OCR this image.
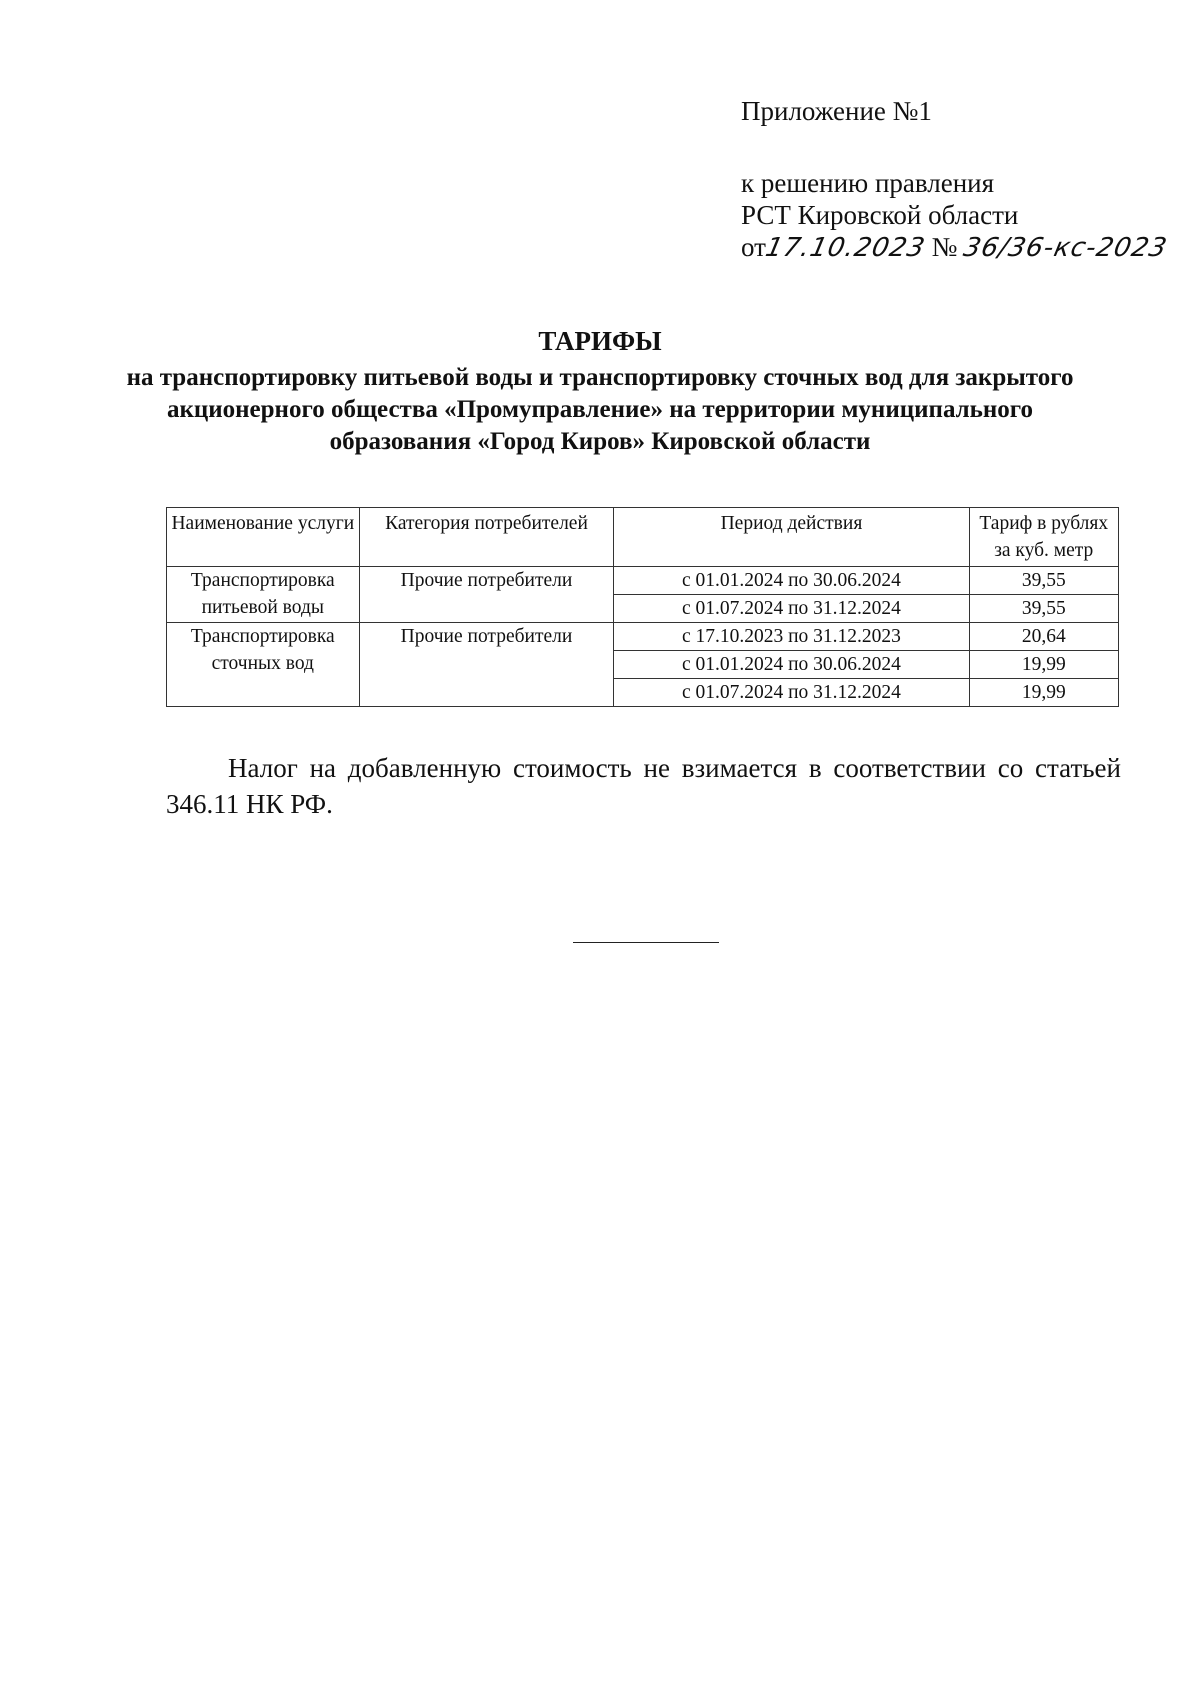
Приложение №1
к решению правления
РСТ Кировской области
от17.10.2023 № 36/36-кс-2023
ТАРИФЫ
на транспортировку питьевой воды и транспортировку сточных вод для закрытого акционерного общества «Промуправление» на территории муниципального образования «Город Киров» Кировской области
Наименование услуги	Категория потребителей	Период действия	Тариф в рублях за куб. метр
Транспортировка питьевой воды	Прочие потребители	с 01.01.2024 по 30.06.2024	39,55
		с 01.07.2024 по 31.12.2024	39,55
Транспортировка сточных вод	Прочие потребители	с 17.10.2023 по 31.12.2023	20,64
		с 01.01.2024 по 30.06.2024	19,99
		с 01.07.2024 по 31.12.2024	19,99
Налог на добавленную стоимость не взимается в соответствии со статьей 346.11 НК РФ.
